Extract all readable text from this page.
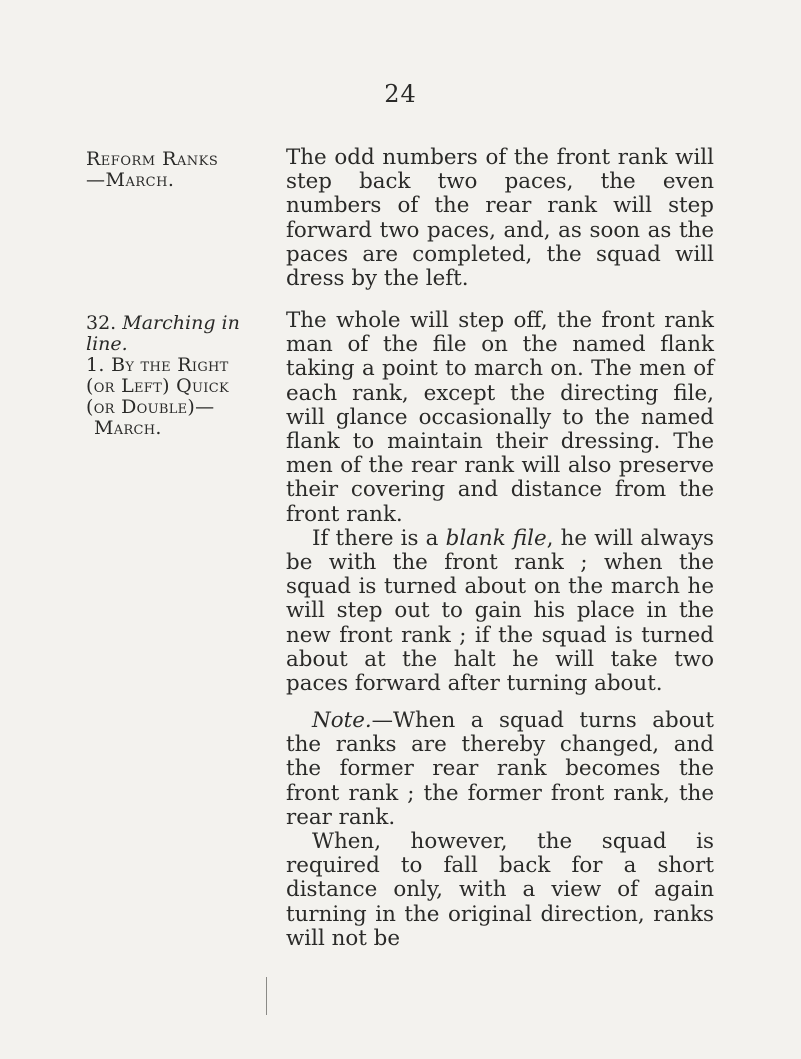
24
Reform Ranks
—March.
32. Marching in
line.
1. By the Right
(or Left) Quick
(or Double)—
March.

The odd numbers of the front rank will step back two paces, the even numbers of the rear rank will step forward two paces, and, as soon as the paces are completed, the squad will dress by the left.

The whole will step off, the front rank man of the file on the named flank taking a point to march on. The men of each rank, except the directing file, will glance occasionally to the named flank to maintain their dressing. The men of the rear rank will also preserve their covering and distance from the front rank.

If there is a blank file, he will always be with the front rank ; when the squad is turned about on the march he will step out to gain his place in the new front rank ; if the squad is turned about at the halt he will take two paces forward after turning about.

Note.—When a squad turns about the ranks are thereby changed, and the former rear rank becomes the front rank ; the former front rank, the rear rank.

When, however, the squad is required to fall back for a short distance only, with a view of again turning in the original direction, ranks will not be
